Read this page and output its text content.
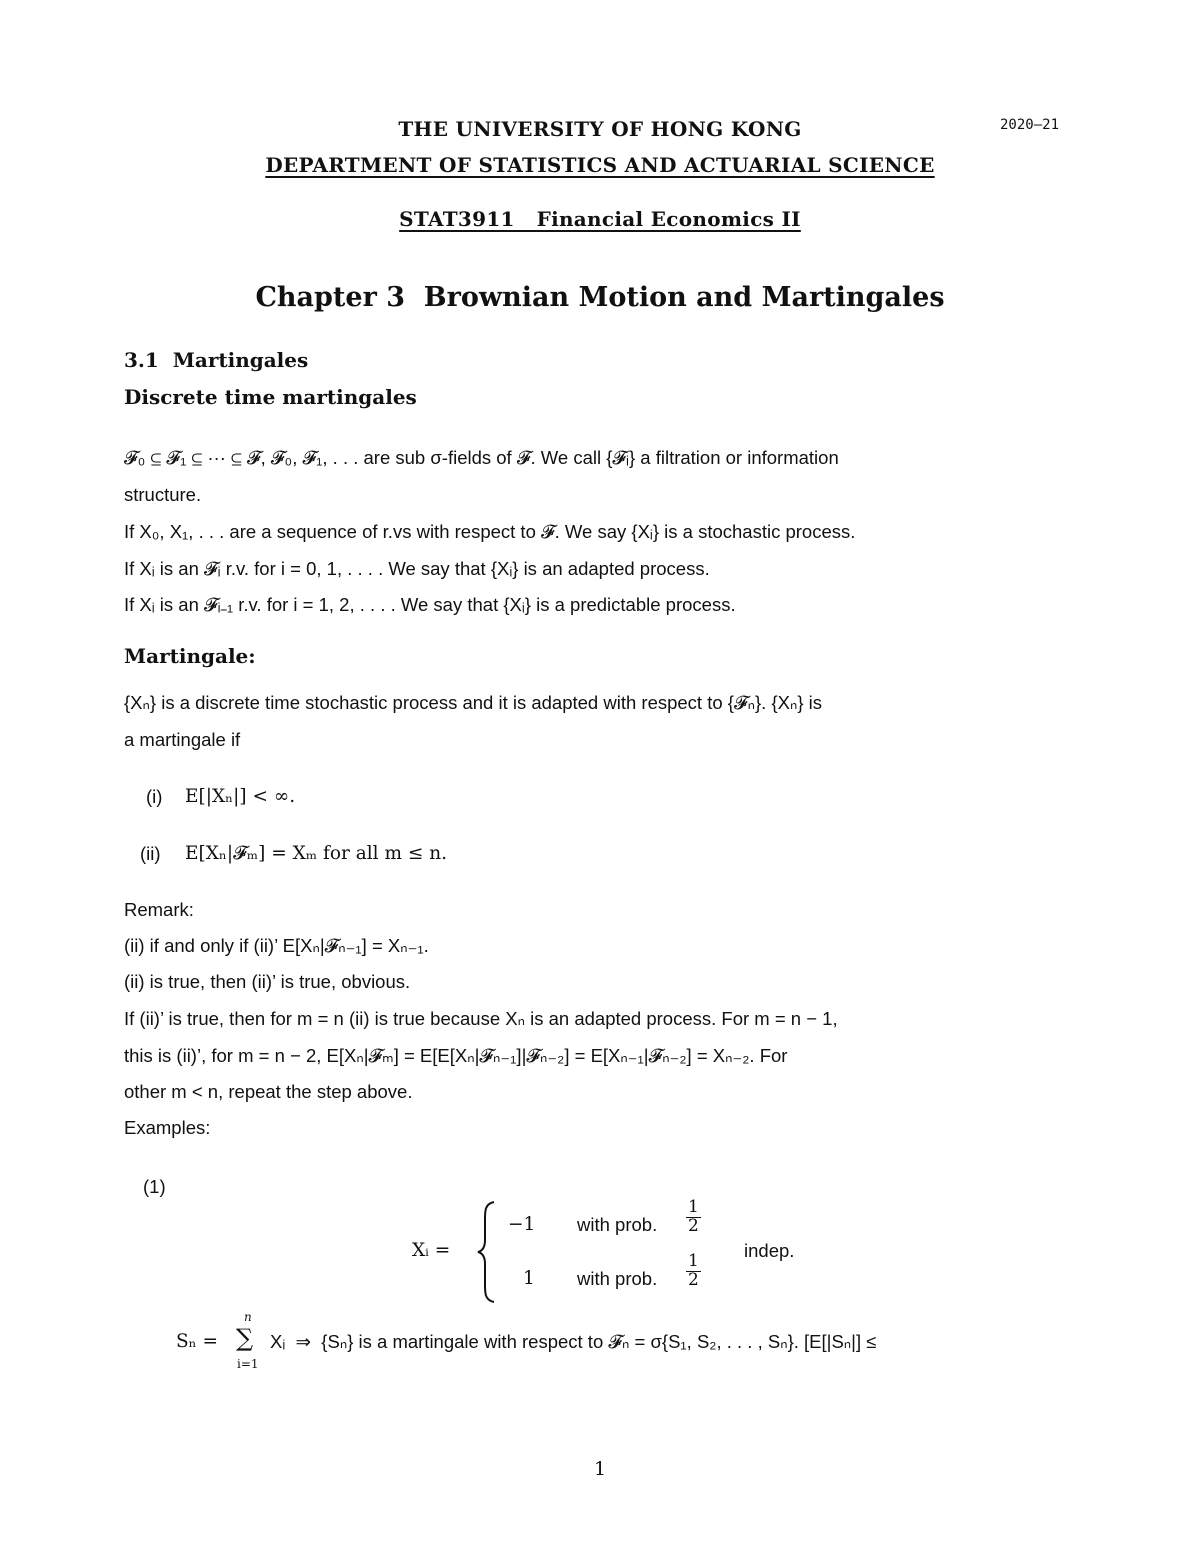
THE UNIVERSITY OF HONG KONG	2020–21
DEPARTMENT OF STATISTICS AND ACTUARIAL SCIENCE
STAT3911   Financial Economics II
Chapter 3  Brownian Motion and Martingales
3.1  Martingales
Discrete time martingales
𝓕₀ ⊆ 𝓕₁ ⊆ ··· ⊆ 𝓕, 𝓕₀, 𝓕₁, . . . are sub σ-fields of 𝓕. We call {𝓕ᵢ} a filtration or information
structure.
If X₀, X₁, . . . are a sequence of r.vs with respect to 𝓕. We say {Xᵢ} is a stochastic process.
If Xᵢ is an 𝓕ᵢ r.v. for i = 0, 1, . . . . We say that {Xᵢ} is an adapted process.
If Xᵢ is an 𝓕ᵢ₋₁ r.v. for i = 1, 2, . . . . We say that {Xᵢ} is a predictable process.
Martingale:
{Xₙ} is a discrete time stochastic process and it is adapted with respect to {𝓕ₙ}. {Xₙ} is
a martingale if
(i) E[|Xₙ|] < ∞.
(ii) E[Xₙ|𝓕ₘ] = Xₘ for all m ≤ n.
Remark:
(ii) if and only if (ii)’ E[Xₙ|𝓕ₙ₋₁] = Xₙ₋₁.
(ii) is true, then (ii)’ is true, obvious.
If (ii)’ is true, then for m = n (ii) is true because Xₙ is an adapted process. For m = n − 1,
this is (ii)’, for m = n − 2, E[Xₙ|𝓕ₘ] = E[E[Xₙ|𝓕ₙ₋₁]|𝓕ₙ₋₂] = E[Xₙ₋₁|𝓕ₙ₋₂] = Xₙ₋₂. For
other m < n, repeat the step above.
Examples:
(1)
Xᵢ =
−1 with prob. $\frac{1}{2}$
1 with prob. $\frac{1}{2}$
indep.
Sₙ =
n
∑
i=1
Xᵢ  ⇒  {Sₙ} is a martingale with respect to 𝓕ₙ = σ{S₁, S₂, . . . , Sₙ}. [E[|Sₙ|] ≤
1
